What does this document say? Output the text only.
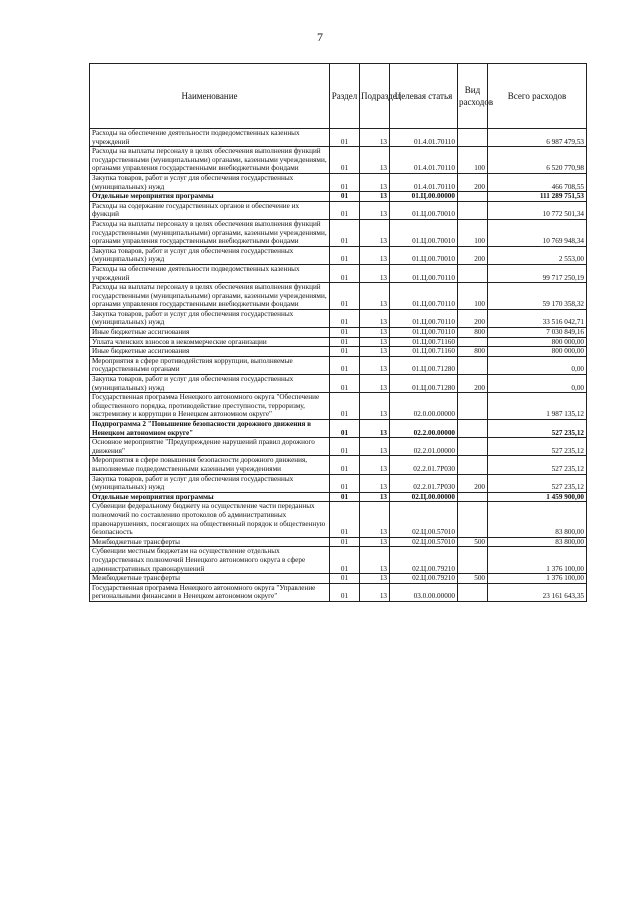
7
Наименование	Раздел	Подраздел	Целевая статья	Вид расходов	Всего расходов
Расходы на обеспечение деятельности подведомственных казенных учреждений	01	13	01.4.01.70110		6 987 479,53
Расходы на выплаты персоналу в целях обеспечения выполнения функций государственными (муниципальными) органами, казенными учреждениями, органами управления государственными внебюджетными фондами	01	13	01.4.01.70110	100	6 520 770,98
Закупка товаров, работ и услуг для обеспечения государственных (муниципальных) нужд	01	13	01.4.01.70110	200	466 708,55
Отдельные мероприятия программы	01	13	01.Ц.00.00000		111 289 751,53
Расходы на содержание государственных органов и обеспечение их функций	01	13	01.Ц.00.70010		10 772 501,34
Расходы на выплаты персоналу в целях обеспечения выполнения функций государственными (муниципальными) органами, казенными учреждениями, органами управления государственными внебюджетными фондами	01	13	01.Ц.00.70010	100	10 769 948,34
Закупка товаров, работ и услуг для обеспечения государственных (муниципальных) нужд	01	13	01.Ц.00.70010	200	2 553,00
Расходы на обеспечение деятельности подведомственных казенных учреждений	01	13	01.Ц.00.70110		99 717 250,19
Расходы на выплаты персоналу в целях обеспечения выполнения функций государственными (муниципальными) органами, казенными учреждениями, органами управления государственными внебюджетными фондами	01	13	01.Ц.00.70110	100	59 170 358,32
Закупка товаров, работ и услуг для обеспечения государственных (муниципальных) нужд	01	13	01.Ц.00.70110	200	33 516 042,71
Иные бюджетные ассигнования	01	13	01.Ц.00.70110	800	7 030 849,16
Уплата членских взносов в некоммерческие организации	01	13	01.Ц.00.71160		800 000,00
Иные бюджетные ассигнования	01	13	01.Ц.00.71160	800	800 000,00
Мероприятия в сфере противодействия коррупции, выполняемые государственными органами	01	13	01.Ц.00.71280		0,00
Закупка товаров, работ и услуг для обеспечения государственных (муниципальных) нужд	01	13	01.Ц.00.71280	200	0,00
Государственная программа Ненецкого автономного округа "Обеспечение общественного порядка, противодействие преступности, терроризму, экстремизму и коррупции в Ненецком автономном округе"	01	13	02.0.00.00000		1 987 135,12
Подпрограмма 2 "Повышение безопасности дорожного движения в Ненецком автономном округе"	01	13	02.2.00.00000		527 235,12
Основное мероприятие "Предупреждение нарушений правил дорожного движения"	01	13	02.2.01.00000		527 235,12
Мероприятия в сфере повышения безопасности дорожного движения, выполняемые подведомственными казенными учреждениями	01	13	02.2.01.7Р030		527 235,12
Закупка товаров, работ и услуг для обеспечения государственных (муниципальных) нужд	01	13	02.2.01.7Р030	200	527 235,12
Отдельные мероприятия программы	01	13	02.Ц.00.00000		1 459 900,00
Субвенции федеральному бюджету на осуществление части переданных полномочий по составлению протоколов об административных правонарушениях, посягающих на общественный порядок и общественную безопасность	01	13	02.Ц.00.57010		83 800,00
Межбюджетные трансферты	01	13	02.Ц.00.57010	500	83 800,00
Субвенции местным бюджетам на осуществление отдельных государственных полномочий Ненецкого автономного округа в сфере административных правонарушений	01	13	02.Ц.00.79210		1 376 100,00
Межбюджетные трансферты	01	13	02.Ц.00.79210	500	1 376 100,00
Государственная программа Ненецкого автономного округа "Управление региональными финансами в Ненецком автономном округе"	01	13	03.0.00.00000		23 161 643,35
